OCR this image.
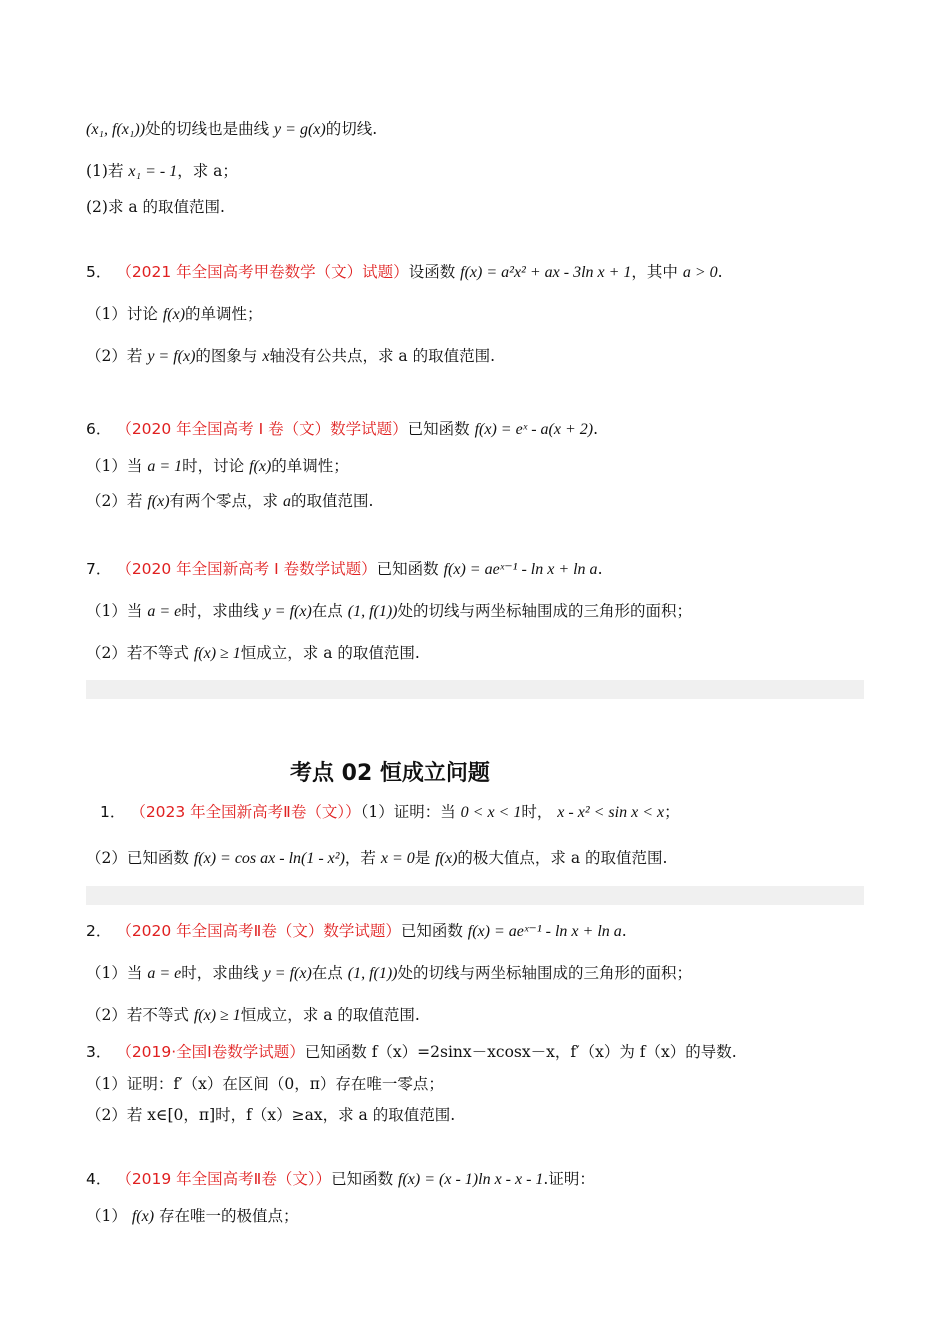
(x₁, f(x₁))处的切线也是曲线 y = g(x)的切线.
(1)若 x₁ = - 1，求 a；
(2)求 a 的取值范围.
5． （2021 年全国高考甲卷数学（文）试题）设函数 f(x) = a²x² + ax - 3ln x + 1，其中 a > 0.
（1）讨论 f(x)的单调性；
（2）若 y = f(x)的图象与 x轴没有公共点，求 a 的取值范围.
6． （2020 年全国高考 I 卷（文）数学试题）已知函数 f(x) = eˣ - a(x + 2).
（1）当 a = 1时，讨论 f(x)的单调性；
（2）若 f(x)有两个零点，求 a的取值范围.
7． （2020 年全国新高考 I 卷数学试题）已知函数 f(x) = aeˣ⁻¹ - ln x + ln a.
（1）当 a = e时，求曲线 y = f(x)在点 (1, f(1))处的切线与两坐标轴围成的三角形的面积；
（2）若不等式 f(x) ≥ 1恒成立，求 a 的取值范围.
考点 02 恒成立问题
1． （2023 年全国新高考Ⅱ卷（文））（1）证明：当 0 < x < 1时， x - x² < sin x < x；
（2）已知函数 f(x) = cos ax - ln(1 - x²)，若 x = 0是 f(x)的极大值点，求 a 的取值范围.
2． （2020 年全国高考Ⅱ卷（文）数学试题）已知函数 f(x) = aeˣ⁻¹ - ln x + ln a.
（1）当 a = e时，求曲线 y = f(x)在点 (1, f(1))处的切线与两坐标轴围成的三角形的面积；
（2）若不等式 f(x) ≥ 1恒成立，求 a 的取值范围.
3． （2019·全国Ⅰ卷数学试题）已知函数 f（x）=2sinx－xcosx－x，f′（x）为 f（x）的导数.
（1）证明：f′（x）在区间（0，π）存在唯一零点；
（2）若 x∈[0，π]时，f（x）≥ax，求 a 的取值范围.
4． （2019 年全国高考Ⅱ卷（文））已知函数 f(x) = (x - 1)ln x - x - 1.证明：
（1） f(x) 存在唯一的极值点；
